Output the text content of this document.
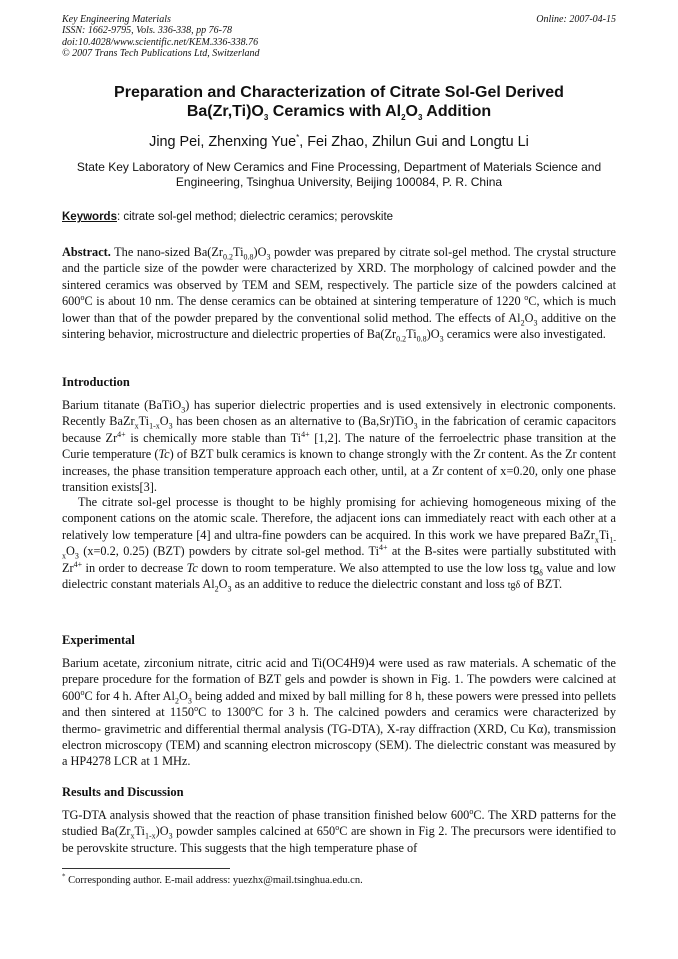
Key Engineering Materials
ISSN: 1662-9795, Vols. 336-338, pp 76-78
doi:10.4028/www.scientific.net/KEM.336-338.76
© 2007 Trans Tech Publications Ltd, Switzerland
Online: 2007-04-15
Preparation and Characterization of Citrate Sol-Gel Derived
$Ba(Zr,Ti)O_3$ Ceramics with $Al_2O_3$ Addition
Jing Pei, Zhenxing Yue*, Fei Zhao, Zhilun Gui and Longtu Li
State Key Laboratory of New Ceramics and Fine Processing, Department of Materials Science and Engineering, Tsinghua University, Beijing 100084, P. R. China
Keywords: citrate sol-gel method; dielectric ceramics; perovskite
Abstract. The nano-sized $Ba(Zr_{0.2}Ti_{0.8})O_3$ powder was prepared by citrate sol-gel method. The crystal structure and the particle size of the powder were characterized by XRD. The morphology of calcined powder and the sintered ceramics was observed by TEM and SEM, respectively. The particle size of the powders calcined at 600$^o$C is about 10 nm. The dense ceramics can be obtained at sintering temperature of 1220 $^o$C, which is much lower than that of the powder prepared by the conventional solid method. The effects of $Al_2O_3$ additive on the sintering behavior, microstructure and dielectric properties of $Ba(Zr_{0.2}Ti_{0.8})O_3$ ceramics were also investigated.
Introduction
Barium titanate (BaTiO$_3$) has superior dielectric properties and is used extensively in electronic components. Recently $BaZr_xTi_{1-x}O_3$ has been chosen as an alternative to (Ba,Sr)TiO$_3$ in the fabrication of ceramic capacitors because $Zr^{4+}$ is chemically more stable than $Ti^{4+}$ [1,2]. The nature of the ferroelectric phase transition at the Curie temperature (Tc) of BZT bulk ceramics is known to change strongly with the Zr content. As the Zr content increases, the phase transition temperature approach each other, until, at a Zr content of x=0.20, only one phase transition exists[3].
The citrate sol-gel processe is thought to be highly promising for achieving homogeneous mixing of the component cations on the atomic scale. Therefore, the adjacent ions can immediately react with each other at a relatively low temperature [4] and ultra-fine powders can be acquired. In this work we have prepared $BaZr_xTi_{1-x}O_3$ (x=0.2, 0.25) (BZT) powders by citrate sol-gel method. $Ti^{4+}$ at the B-sites were partially substituted with $Zr^{4+}$ in order to decrease Tc down to room temperature. We also attempted to use the low loss $tg_\delta$ value and low dielectric constant materials $Al_2O_3$ as an additive to reduce the dielectric constant and loss tgδ of BZT.
Experimental
Barium acetate, zirconium nitrate, citric acid and Ti(OC4H9)4 were used as raw materials. A schematic of the prepare procedure for the formation of BZT gels and powder is shown in Fig. 1. The powders were calcined at 600$^o$C for 4 h. After $Al_2O_3$ being added and mixed by ball milling for 8 h, these powers were pressed into pellets and then sintered at 1150$^o$C to 1300$^o$C for 3 h. The calcined powders and ceramics were characterized by thermo- gravimetric and differential thermal analysis (TG-DTA), X-ray diffraction (XRD, Cu Kα), transmission electron microscopy (TEM) and scanning electron microscopy (SEM). The dielectric constant was measured by a HP4278 LCR at 1 MHz.
Results and Discussion
TG-DTA analysis showed that the reaction of phase transition finished below 600$^o$C. The XRD patterns for the studied $Ba(Zr_xTi_{1-x})O_3$ powder samples calcined at 650$^o$C are shown in Fig 2. The precursors were identified to be perovskite structure. This suggests that the high temperature phase of
* Corresponding author. E-mail address: yuezhx@mail.tsinghua.edu.cn.
